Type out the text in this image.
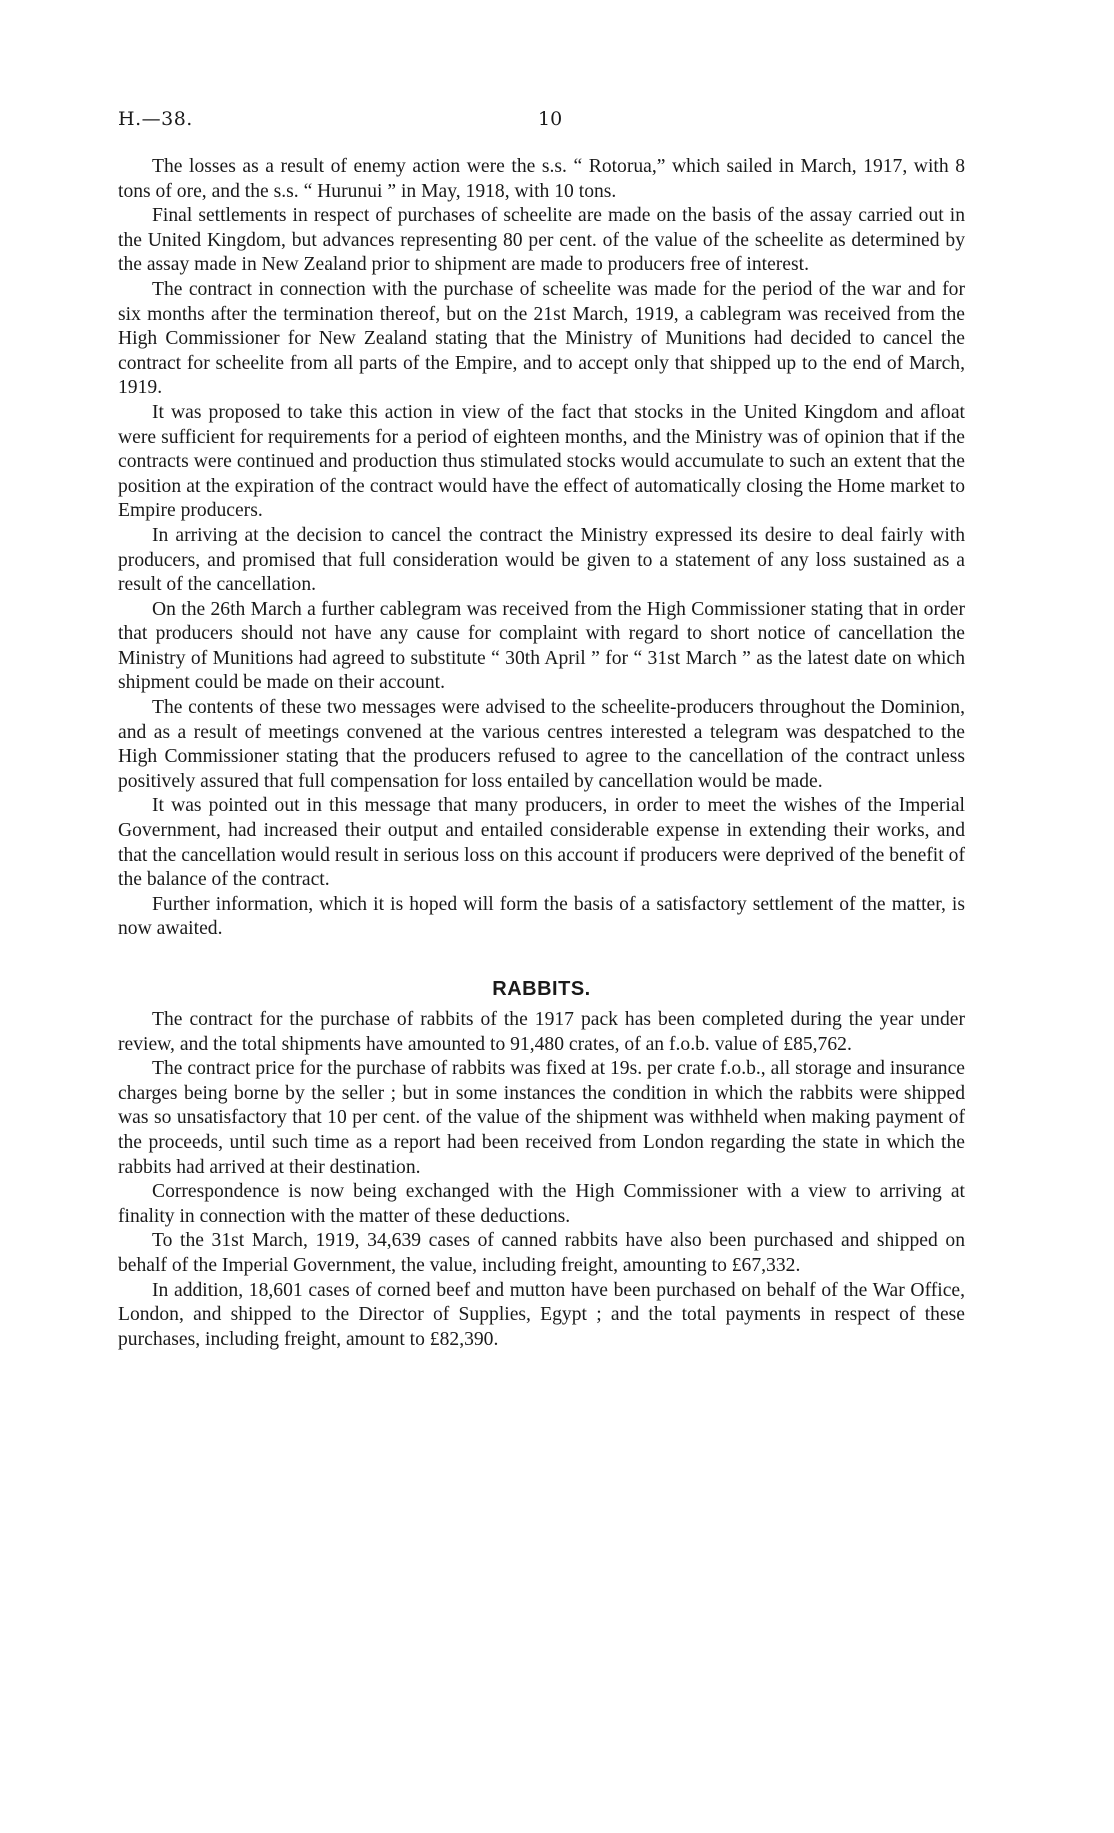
H.—38.	10

The losses as a result of enemy action were the s.s. “ Rotorua,” which sailed in March, 1917, with 8 tons of ore, and the s.s. “ Hurunui ” in May, 1918, with 10 tons.

Final settlements in respect of purchases of scheelite are made on the basis of the assay carried out in the United Kingdom, but advances representing 80 per cent. of the value of the scheelite as determined by the assay made in New Zealand prior to shipment are made to producers free of interest.

The contract in connection with the purchase of scheelite was made for the period of the war and for six months after the termination thereof, but on the 21st March, 1919, a cablegram was received from the High Commissioner for New Zealand stating that the Ministry of Munitions had decided to cancel the contract for scheelite from all parts of the Empire, and to accept only that shipped up to the end of March, 1919.

It was proposed to take this action in view of the fact that stocks in the United Kingdom and afloat were sufficient for requirements for a period of eighteen months, and the Ministry was of opinion that if the contracts were continued and production thus stimulated stocks would accumulate to such an extent that the position at the expiration of the contract would have the effect of automatically closing the Home market to Empire producers.

In arriving at the decision to cancel the contract the Ministry expressed its desire to deal fairly with producers, and promised that full consideration would be given to a statement of any loss sustained as a result of the cancellation.

On the 26th March a further cablegram was received from the High Commissioner stating that in order that producers should not have any cause for complaint with regard to short notice of cancellation the Ministry of Munitions had agreed to substitute “ 30th April ” for “ 31st March ” as the latest date on which shipment could be made on their account.

The contents of these two messages were advised to the scheelite-producers throughout the Dominion, and as a result of meetings convened at the various centres interested a telegram was despatched to the High Commissioner stating that the producers refused to agree to the cancellation of the contract unless positively assured that full compensation for loss entailed by cancellation would be made.

It was pointed out in this message that many producers, in order to meet the wishes of the Imperial Government, had increased their output and entailed considerable expense in extending their works, and that the cancellation would result in serious loss on this account if producers were deprived of the benefit of the balance of the contract.

Further information, which it is hoped will form the basis of a satisfactory settlement of the matter, is now awaited.

RABBITS.

The contract for the purchase of rabbits of the 1917 pack has been completed during the year under review, and the total shipments have amounted to 91,480 crates, of an f.o.b. value of £85,762.

The contract price for the purchase of rabbits was fixed at 19s. per crate f.o.b., all storage and insurance charges being borne by the seller ; but in some instances the condition in which the rabbits were shipped was so unsatisfactory that 10 per cent. of the value of the shipment was withheld when making payment of the proceeds, until such time as a report had been received from London regarding the state in which the rabbits had arrived at their destination.

Correspondence is now being exchanged with the High Commissioner with a view to arriving at finality in connection with the matter of these deductions.

To the 31st March, 1919, 34,639 cases of canned rabbits have also been purchased and shipped on behalf of the Imperial Government, the value, including freight, amounting to £67,332.

In addition, 18,601 cases of corned beef and mutton have been purchased on behalf of the War Office, London, and shipped to the Director of Supplies, Egypt ; and the total payments in respect of these purchases, including freight, amount to £82,390.
